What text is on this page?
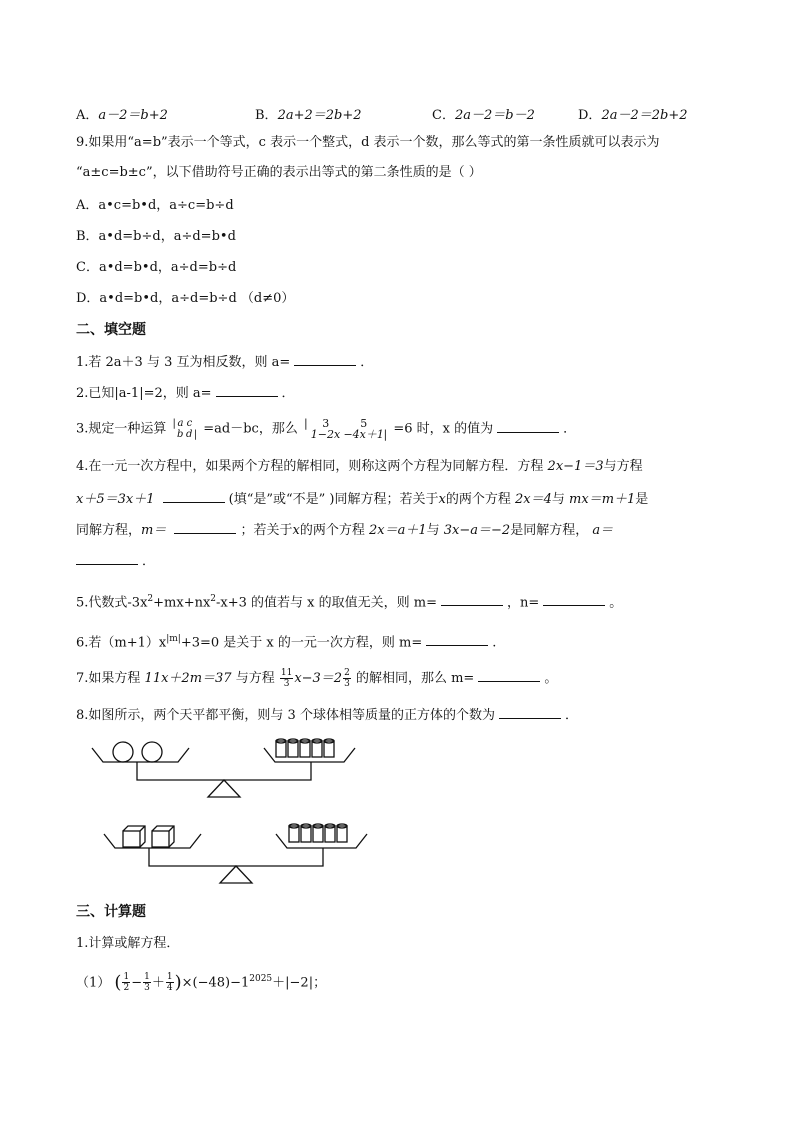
A．a－2＝b+2	B．2a+2＝2b+2	C．2a－2＝b－2	D．2a－2＝2b+2
9.如果用“a=b”表示一个等式，c 表示一个整式，d 表示一个数，那么等式的第一条性质就可以表示为
“a±c=b±c”，以下借助符号正确的表示出等式的第二条性质的是（ ）
A．a•c=b•d，a÷c=b÷d
B．a•d=b÷d，a÷d=b•d
C．a•d=b•d，a÷d=b÷d
D．a•d=b•d，a÷d=b÷d （d≠0）
二、填空题
1.若 2a＋3 与 3 互为相反数，则 a=	．
2.已知|a-1|=2，则 a=	．
3.规定一种运算 | a c
b d| =ad－bc，那么 | 3	5
1−2x −4x＋1| =6 时，x 的值为	．
4.在一元一次方程中，如果两个方程的解相同，则称这两个方程为同解方程．方程 2x−1＝3与方程
x＋5＝3x＋1	(填“是”或“不是” )同解方程；若关于x的两个方程 2x＝4与 mx＝m＋1是
同解方程，m＝	；若关于x的两个方程 2x＝a＋1与 3x−a＝−2是同解方程， a＝
．
5.代数式$-3x^2+mx+nx^2-x+3$ 的值若与 x 的取值无关，则 m=	，n=	。
6.若$(m+1)x^{|m|}+3=0$ 是关于 x 的一元一次方程，则 m=	.
7.如果方程 11x＋2m＝37 与方程 $\frac{11}{3} x-3=2 \frac{2}{3}$ 的解相同，那么 m=	。
8.如图所示，两个天平都平衡，则与 3 个球体相等质量的正方体的个数为	．
三、计算题
1.计算或解方程．
（1） ( $\frac{1}{2} - \frac{1}{3} + \frac{1}{4} )\times(-48)-1^{2025}+|-2|$；
